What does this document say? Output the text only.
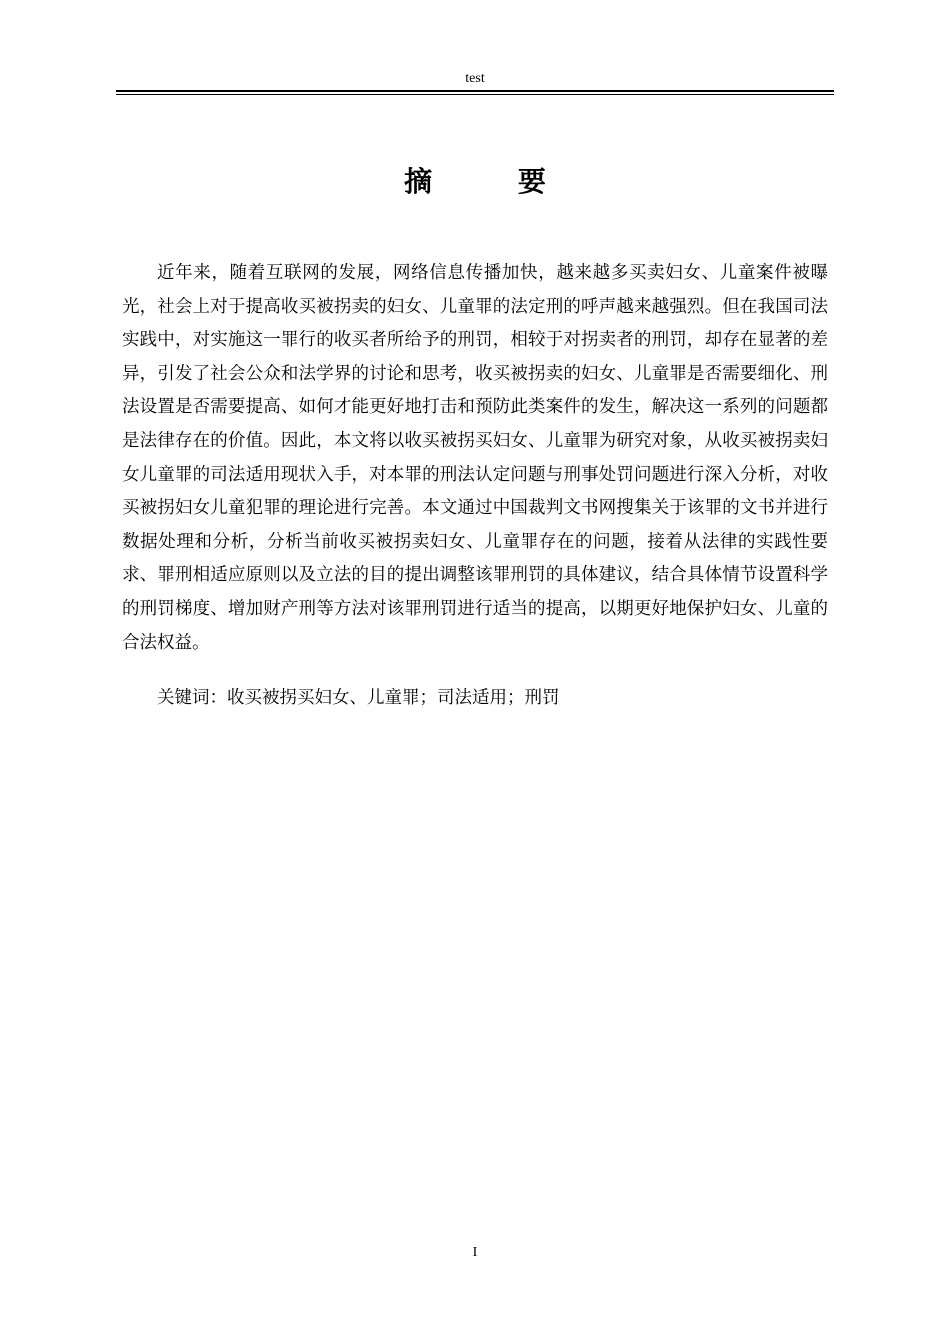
test
摘 要

近年来，随着互联网的发展，网络信息传播加快，越来越多买卖妇女、儿童案件被曝光，社会上对于提高收买被拐卖的妇女、儿童罪的法定刑的呼声越来越强烈。但在我国司法实践中，对实施这一罪行的收买者所给予的刑罚，相较于对拐卖者的刑罚，却存在显著的差异，引发了社会公众和法学界的讨论和思考，收买被拐卖的妇女、儿童罪是否需要细化、刑法设置是否需要提高、如何才能更好地打击和预防此类案件的发生，解决这一系列的问题都是法律存在的价值。因此，本文将以收买被拐买妇女、儿童罪为研究对象，从收买被拐卖妇女儿童罪的司法适用现状入手，对本罪的刑法认定问题与刑事处罚问题进行深入分析，对收买被拐妇女儿童犯罪的理论进行完善。本文通过中国裁判文书网搜集关于该罪的文书并进行数据处理和分析，分析当前收买被拐卖妇女、儿童罪存在的问题，接着从法律的实践性要求、罪刑相适应原则以及立法的目的提出调整该罪刑罚的具体建议，结合具体情节设置科学的刑罚梯度、增加财产刑等方法对该罪刑罚进行适当的提高，以期更好地保护妇女、儿童的合法权益。

关键词：收买被拐买妇女、儿童罪；司法适用；刑罚

I
